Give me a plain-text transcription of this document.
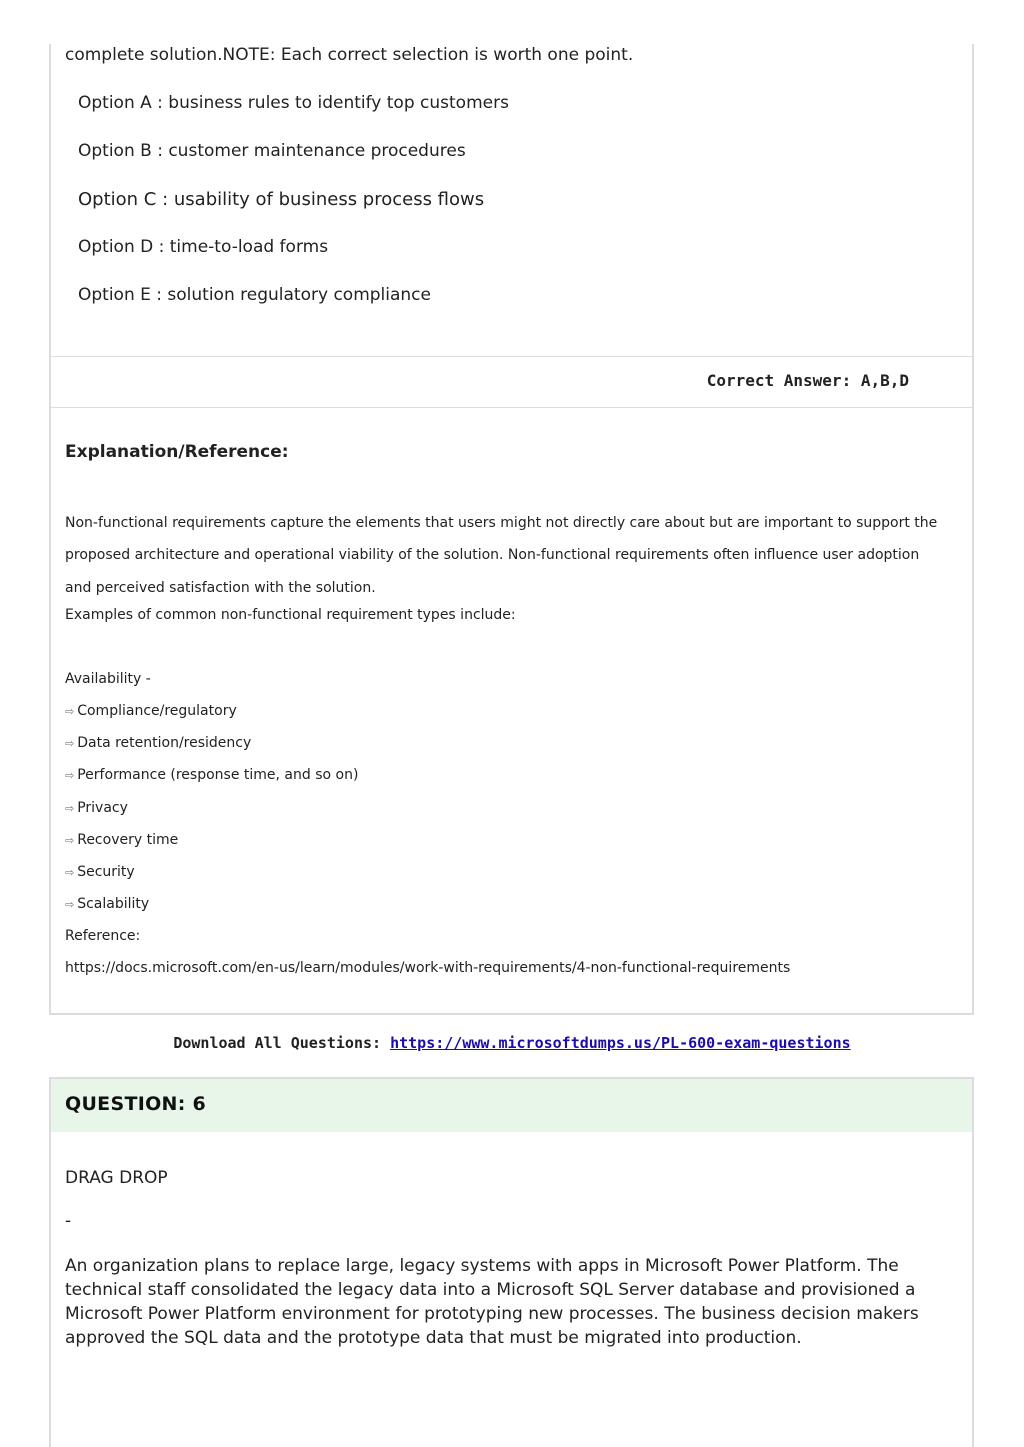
complete solution.NOTE: Each correct selection is worth one point.
Option A : business rules to identify top customers
Option B : customer maintenance procedures
Option C : usability of business process flows
Option D : time-to-load forms
Option E : solution regulatory compliance
Correct Answer: A,B,D
Explanation/Reference:
Non-functional requirements capture the elements that users might not directly care about but are important to support the proposed architecture and operational viability of the solution. Non-functional requirements often influence user adoption and perceived satisfaction with the solution.
Examples of common non-functional requirement types include:
Availability -
⇨ Compliance/regulatory
⇨ Data retention/residency
⇨ Performance (response time, and so on)
⇨ Privacy
⇨ Recovery time
⇨ Security
⇨ Scalability
Reference:
https://docs.microsoft.com/en-us/learn/modules/work-with-requirements/4-non-functional-requirements
Download All Questions: https://www.microsoftdumps.us/PL-600-exam-questions
QUESTION: 6
DRAG DROP
-
An organization plans to replace large, legacy systems with apps in Microsoft Power Platform. The technical staff consolidated the legacy data into a Microsoft SQL Server database and provisioned a Microsoft Power Platform environment for prototyping new processes. The business decision makers approved the SQL data and the prototype data that must be migrated into production.
